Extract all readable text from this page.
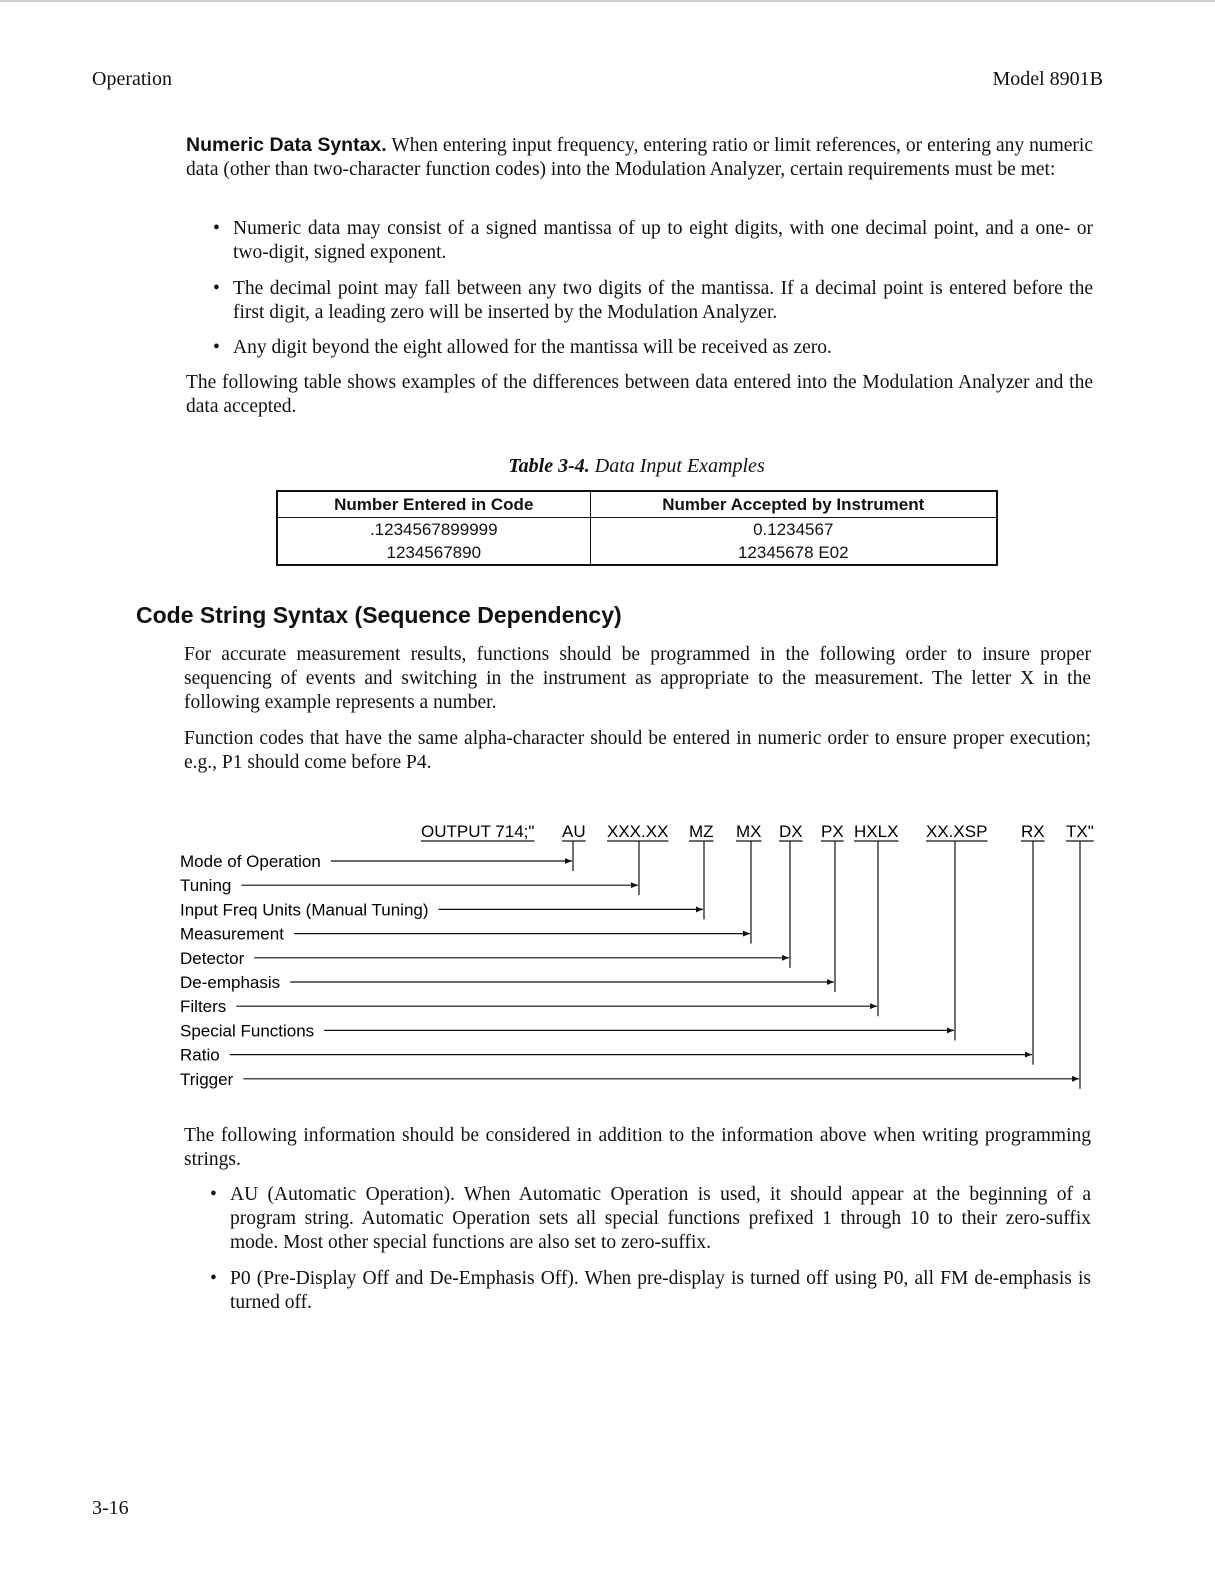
Operation	Model 8901B
Numeric Data Syntax. When entering input frequency, entering ratio or limit references, or entering any numeric data (other than two-character function codes) into the Modulation Analyzer, certain requirements must be met:
• Numeric data may consist of a signed mantissa of up to eight digits, with one decimal point, and a one- or two-digit, signed exponent.
• The decimal point may fall between any two digits of the mantissa. If a decimal point is entered before the first digit, a leading zero will be inserted by the Modulation Analyzer.
• Any digit beyond the eight allowed for the mantissa will be received as zero.
The following table shows examples of the differences between data entered into the Modulation Analyzer and the data accepted.
Table 3-4. Data Input Examples
Number Entered in Code	Number Accepted by Instrument
.1234567899999	0.1234567
1234567890	12345678 E02
Code String Syntax (Sequence Dependency)
For accurate measurement results, functions should be programmed in the following order to insure proper sequencing of events and switching in the instrument as appropriate to the measurement. The letter X in the following example represents a number.
Function codes that have the same alpha-character should be entered in numeric order to ensure proper execution; e.g., P1 should come before P4.
OUTPUT 714;" AU XXX.XX MZ MX DX PX HXLX XX.XSP RX TX"
Mode of Operation
Tuning
Input Freq Units (Manual Tuning)
Measurement
Detector
De-emphasis
Filters
Special Functions
Ratio
Trigger
The following information should be considered in addition to the information above when writing programming strings.
• AU (Automatic Operation). When Automatic Operation is used, it should appear at the beginning of a program string. Automatic Operation sets all special functions prefixed 1 through 10 to their zero-suffix mode. Most other special functions are also set to zero-suffix.
• P0 (Pre-Display Off and De-Emphasis Off). When pre-display is turned off using P0, all FM de-emphasis is turned off.
3-16
